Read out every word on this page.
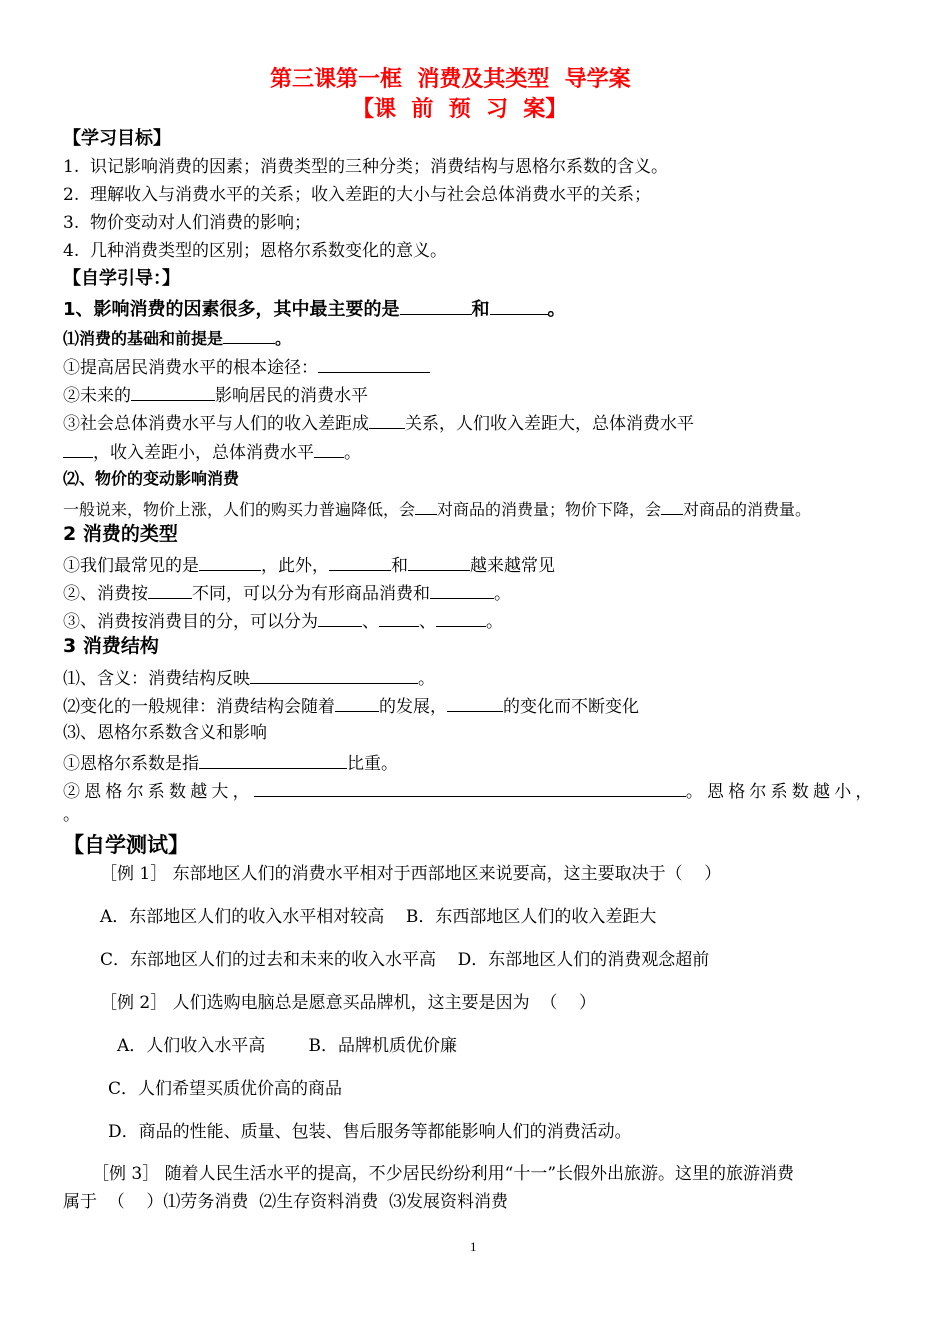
第三课第一框  消费及其类型  导学案
【课  前  预  习  案】
【学习目标】
1.  识记影响消费的因素；消费类型的三种分类；消费结构与恩格尔系数的含义。
2.  理解收入与消费水平的关系；收入差距的大小与社会总体消费水平的关系；
3.  物价变动对人们消费的影响；
4.  几种消费类型的区别；恩格尔系数变化的意义。
【自学引导：】
1、影响消费的因素很多，其中最主要的是	和	。
⑴消费的基础和前提是	。
①提高居民消费水平的根本途径：
②未来的	影响居民的消费水平
③社会总体消费水平与人们的收入差距成 关系，人们收入差距大，总体消费水平
，收入差距小，总体消费水平 。
⑵、物价的变动影响消费
一般说来，物价上涨，人们的购买力普遍降低，会 对商品的消费量；物价下降，会 对商品的消费量。
2 消费的类型
①我们最常见的是	，此外，	和	越来越常见
②、消费按	不同，可以分为有形商品消费和	。
③、消费按消费目的分，可以分为	、 、	。
3 消费结构
⑴、含义：消费结构反映	。
⑵变化的一般规律：消费结构会随着	的发展，	的变化而不断变化
⑶、恩格尔系数含义和影响
①恩格尔系数是指	比重。
②恩格尔系数越大，	。恩格尔系数越小，
。
【自学测试】
［例 1］ 东部地区人们的消费水平相对于西部地区来说要高，这主要取决于（    ）
A．东部地区人们的收入水平相对较高    B．东西部地区人们的收入差距大
C．东部地区人们的过去和未来的收入水平高    D．东部地区人们的消费观念超前
［例 2］ 人们选购电脑总是愿意买品牌机，这主要是因为  （    ）
A．人们收入水平高        B．品牌机质优价廉
C．人们希望买质优价高的商品
D．商品的性能、质量、包装、售后服务等都能影响人们的消费活动。
［例 3］ 随着人民生活水平的提高，不少居民纷纷利用“十一”长假外出旅游。这里的旅游消费
属于  （    ）⑴劳务消费  ⑵生存资料消费  ⑶发展资料消费
1
